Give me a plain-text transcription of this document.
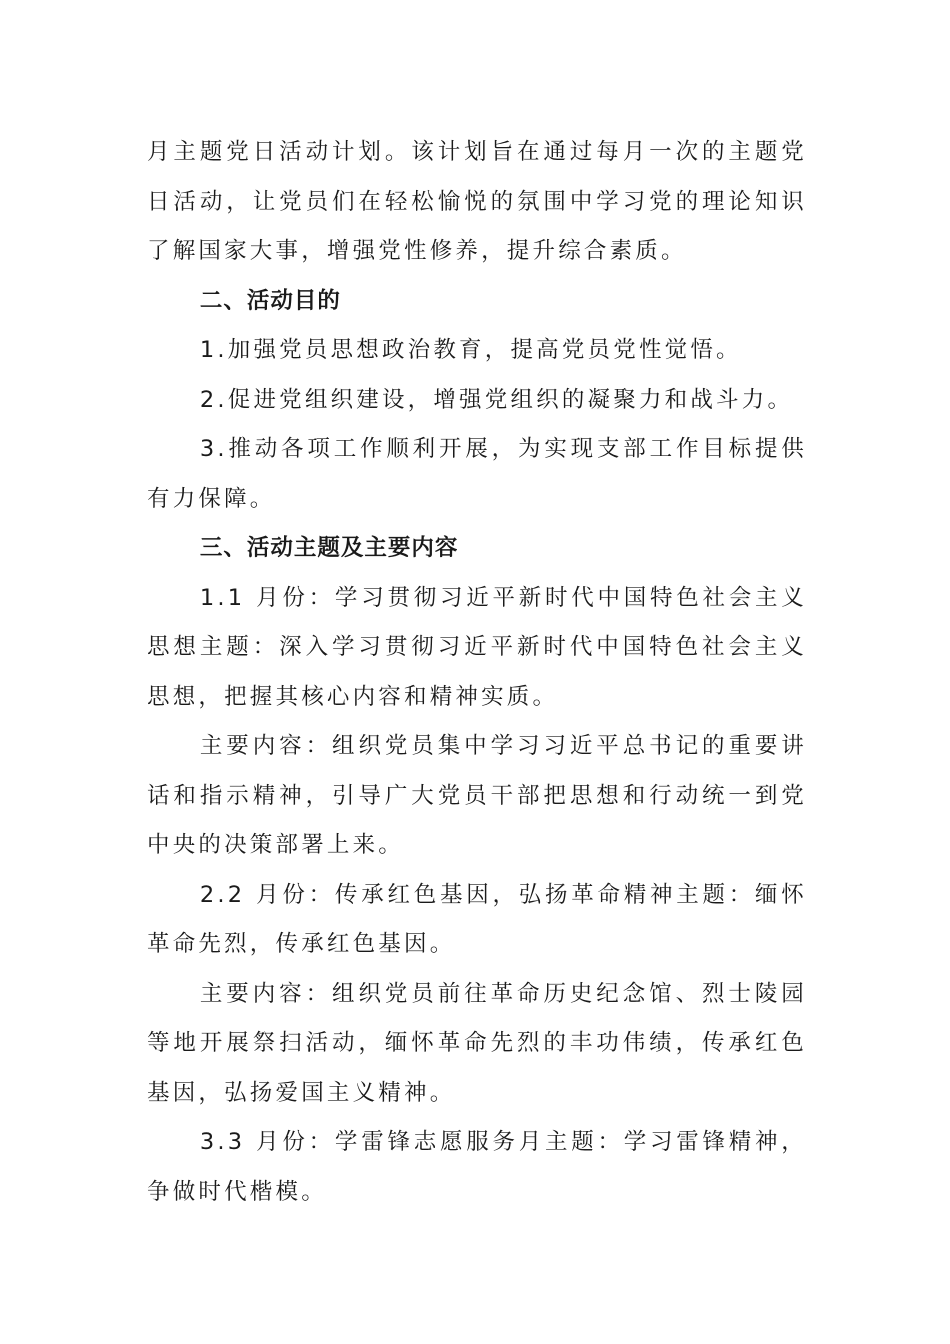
月主题党日活动计划。该计划旨在通过每月一次的主题党日活动，让党员们在轻松愉悦的氛围中学习党的理论知识了解国家大事，增强党性修养，提升综合素质。

二、活动目的

1.加强党员思想政治教育，提高党员党性觉悟。

2.促进党组织建设，增强党组织的凝聚力和战斗力。

3.推动各项工作顺利开展，为实现支部工作目标提供有力保障。

三、活动主题及主要内容

1.1 月份：学习贯彻习近平新时代中国特色社会主义思想主题：深入学习贯彻习近平新时代中国特色社会主义思想，把握其核心内容和精神实质。

主要内容：组织党员集中学习习近平总书记的重要讲话和指示精神，引导广大党员干部把思想和行动统一到党中央的决策部署上来。

2.2 月份：传承红色基因，弘扬革命精神主题：缅怀革命先烈，传承红色基因。

主要内容：组织党员前往革命历史纪念馆、烈士陵园等地开展祭扫活动，缅怀革命先烈的丰功伟绩，传承红色基因，弘扬爱国主义精神。

3.3 月份：学雷锋志愿服务月主题：学习雷锋精神，争做时代楷模。
